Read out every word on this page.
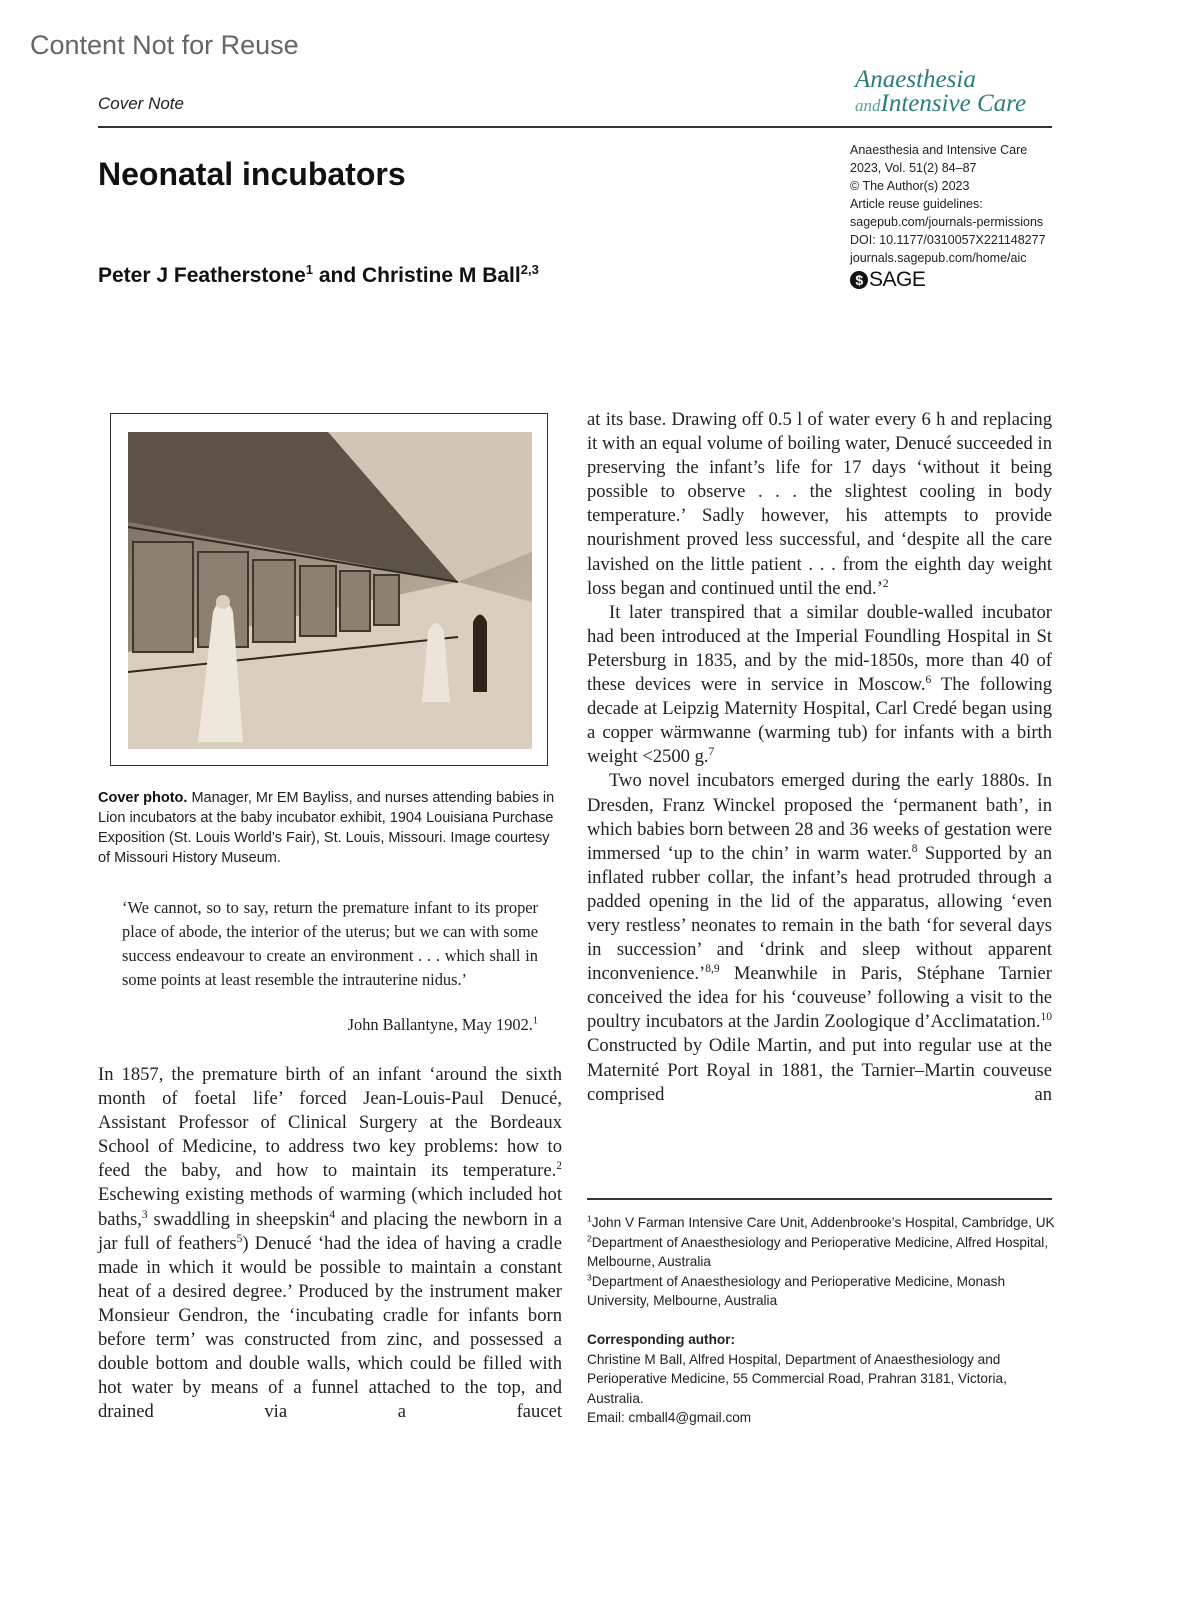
Content Not for Reuse
Cover Note
Anaesthesia
andIntensive Care
Neonatal incubators
Peter J Featherstone$^1$ and Christine M Ball$^{2,3}$
Anaesthesia and Intensive Care
2023, Vol. 51(2) 84–87
© The Author(s) 2023
Article reuse guidelines:
sagepub.com/journals-permissions
DOI: 10.1177/0310057X221148277
journals.sagepub.com/home/aic
$ SAGE
Cover photo. Manager, Mr EM Bayliss, and nurses attending babies in Lion incubators at the baby incubator exhibit, 1904 Louisiana Purchase Exposition (St. Louis World’s Fair), St. Louis, Missouri. Image courtesy of Missouri History Museum.
‘We cannot, so to say, return the premature infant to its proper place of abode, the interior of the uterus; but we can with some success endeavour to create an environment . . . which shall in some points at least resemble the intrauterine nidus.’
John Ballantyne, May 1902.$^1$

In 1857, the premature birth of an infant ‘around the sixth month of foetal life’ forced Jean-Louis-Paul Denucé, Assistant Professor of Clinical Surgery at the Bordeaux School of Medicine, to address two key problems: how to feed the baby, and how to maintain its temperature.$^2$ Eschewing existing methods of warming (which included hot baths,$^3$ swaddling in sheepskin$^4$ and placing the newborn in a jar full of feathers$^5$) Denucé ‘had the idea of having a cradle made in which it would be possible to maintain a constant heat of a desired degree.’ Produced by the instrument maker Monsieur Gendron, the ‘incubating cradle for infants born before term’ was constructed from zinc, and possessed a double bottom and double walls, which could be filled with hot water by means of a funnel attached to the top, and drained via a faucet

at its base. Drawing off 0.5 l of water every 6 h and replacing it with an equal volume of boiling water, Denucé succeeded in preserving the infant’s life for 17 days ‘without it being possible to observe . . . the slightest cooling in body temperature.’ Sadly however, his attempts to provide nourishment proved less successful, and ‘despite all the care lavished on the little patient . . . from the eighth day weight loss began and continued until the end.’$^2$

It later transpired that a similar double-walled incubator had been introduced at the Imperial Foundling Hospital in St Petersburg in 1835, and by the mid-1850s, more than 40 of these devices were in service in Moscow.$^6$ The following decade at Leipzig Maternity Hospital, Carl Credé began using a copper wärmwanne (warming tub) for infants with a birth weight <2500 g.$^7$

Two novel incubators emerged during the early 1880s. In Dresden, Franz Winckel proposed the ‘permanent bath’, in which babies born between 28 and 36 weeks of gestation were immersed ‘up to the chin’ in warm water.$^8$ Supported by an inflated rubber collar, the infant’s head protruded through a padded opening in the lid of the apparatus, allowing ‘even very restless’ neonates to remain in the bath ‘for several days in succession’ and ‘drink and sleep without apparent inconvenience.’$^{8,9}$ Meanwhile in Paris, Stéphane Tarnier conceived the idea for his ‘couveuse’ following a visit to the poultry incubators at the Jardin Zoologique d’Acclimatation.$^{10}$ Constructed by Odile Martin, and put into regular use at the Maternité Port Royal in 1881, the Tarnier–Martin couveuse comprised an

$^1$John V Farman Intensive Care Unit, Addenbrooke’s Hospital, Cambridge, UK
$^2$Department of Anaesthesiology and Perioperative Medicine, Alfred Hospital, Melbourne, Australia
$^3$Department of Anaesthesiology and Perioperative Medicine, Monash University, Melbourne, Australia
Corresponding author:
Christine M Ball, Alfred Hospital, Department of Anaesthesiology and Perioperative Medicine, 55 Commercial Road, Prahran 3181, Victoria, Australia.
Email: cmball4@gmail.com
